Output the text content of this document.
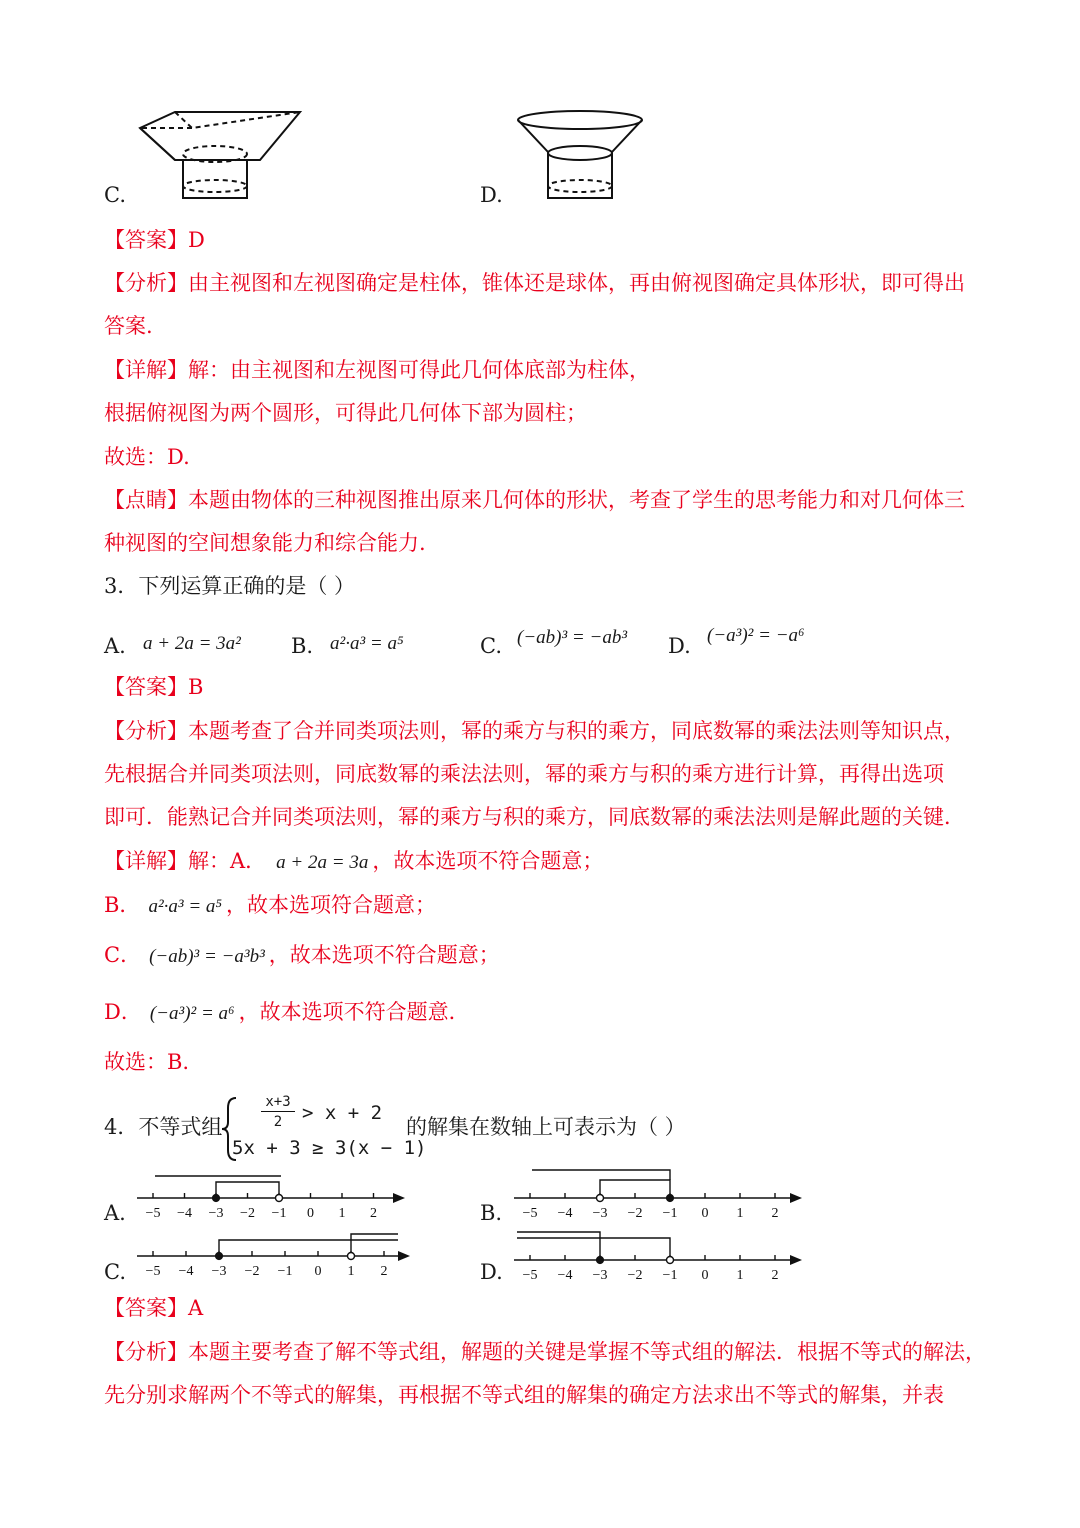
C.	D.
【答案】D
【分析】由主视图和左视图确定是柱体，锥体还是球体，再由俯视图确定具体形状，即可得出
答案.
【详解】解：由主视图和左视图可得此几何体底部为柱体，
根据俯视图为两个圆形，可得此几何体下部为圆柱；
故选：D.
【点睛】本题由物体的三种视图推出原来几何体的形状，考查了学生的思考能力和对几何体三
种视图的空间想象能力和综合能力.
3．下列运算正确的是（ ）
A. a + 2a = 3a² B. a²·a³ = a⁵	C. (−ab)³ = −ab³ D. (−a³)² = −a⁶
【答案】B
【分析】本题考查了合并同类项法则，幂的乘方与积的乘方，同底数幂的乘法法则等知识点，
先根据合并同类项法则，同底数幂的乘法法则，幂的乘方与积的乘方进行计算，再得出选项
即可．能熟记合并同类项法则，幂的乘方与积的乘方，同底数幂的乘法法则是解此题的关键．
【详解】解：A． a + 2a = 3a ，故本选项不符合题意；
B． a²·a³ = a⁵ ，故本选项符合题意；
C． (−ab)³ = −a³b³ ，故本选项不符合题意；
D． (−a³)² = a⁶ ，故本选项不符合题意．
故选：B.
4．不等式组
x+3
2	> x + 2
5x + 3 ≥ 3(x − 1)
的解集在数轴上可表示为（ ）
A. −5 −4 −3 −2 −1 0 1 2	B. −5 −4 −3 −2 −1 0 1 2
C. −5 −4 −3 −2 −1 0 1 2	D. −5 −4 −3 −2 −1 0 1 2
【答案】A
【分析】本题主要考查了解不等式组，解题的关键是掌握不等式组的解法．根据不等式的解法，
先分别求解两个不等式的解集，再根据不等式组的解集的确定方法求出不等式的解集，并表
